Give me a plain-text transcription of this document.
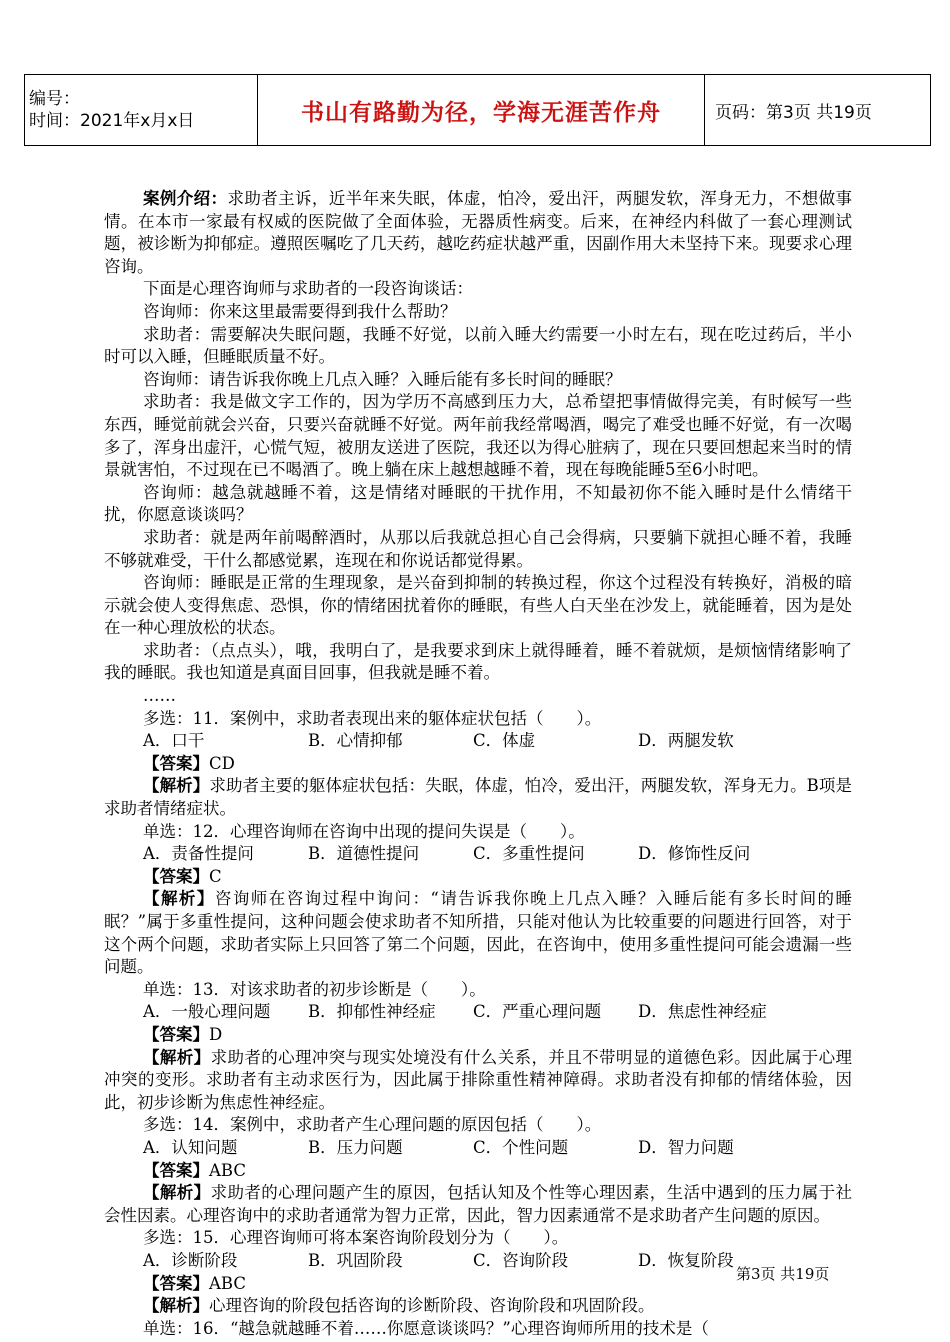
编号：
时间：2021年x月x日	书山有路勤为径，学海无涯苦作舟	页码：第3页 共19页

案例介绍：求助者主诉，近半年来失眠，体虚，怕冷，爱出汗，两腿发软，浑身无力，不想做事情。在本市一家最有权威的医院做了全面体验，无器质性病变。后来，在神经内科做了一套心理测试题，被诊断为抑郁症。遵照医嘱吃了几天药，越吃药症状越严重，因副作用大未坚持下来。现要求心理咨询。

下面是心理咨询师与求助者的一段咨询谈话：

咨询师：你来这里最需要得到我什么帮助？

求助者：需要解决失眠问题，我睡不好觉，以前入睡大约需要一小时左右，现在吃过药后，半小时可以入睡，但睡眠质量不好。

咨询师：请告诉我你晚上几点入睡？入睡后能有多长时间的睡眠？

求助者：我是做文字工作的，因为学历不高感到压力大，总希望把事情做得完美，有时候写一些东西，睡觉前就会兴奋，只要兴奋就睡不好觉。两年前我经常喝酒，喝完了难受也睡不好觉，有一次喝多了，浑身出虚汗，心慌气短，被朋友送进了医院，我还以为得心脏病了，现在只要回想起来当时的情景就害怕，不过现在已不喝酒了。晚上躺在床上越想越睡不着，现在每晚能睡5至6小时吧。

咨询师：越急就越睡不着，这是情绪对睡眠的干扰作用，不知最初你不能入睡时是什么情绪干扰，你愿意谈谈吗？

求助者：就是两年前喝醉酒时，从那以后我就总担心自己会得病，只要躺下就担心睡不着，我睡不够就难受，干什么都感觉累，连现在和你说话都觉得累。

咨询师：睡眠是正常的生理现象，是兴奋到抑制的转换过程，你这个过程没有转换好，消极的暗示就会使人变得焦虑、恐惧，你的情绪困扰着你的睡眠，有些人白天坐在沙发上，就能睡着，因为是处在一种心理放松的状态。

求助者：（点点头），哦，我明白了，是我要求到床上就得睡着，睡不着就烦，是烦恼情绪影响了我的睡眠。我也知道是真面目回事，但我就是睡不着。

……

多选：11．案例中，求助者表现出来的躯体症状包括（　　）。

A．口干	B．心情抑郁	C．体虚	D．两腿发软

【答案】CD

【解析】求助者主要的躯体症状包括：失眠，体虚，怕冷，爱出汗，两腿发软，浑身无力。B项是求助者情绪症状。

单选：12．心理咨询师在咨询中出现的提问失误是（　　）。

A．责备性提问	B．道德性提问	C．多重性提问	D．修饰性反问

【答案】C

【解析】咨询师在咨询过程中询问：“请告诉我你晚上几点入睡？入睡后能有多长时间的睡眠？”属于多重性提问，这种问题会使求助者不知所措，只能对他认为比较重要的问题进行回答，对于这个两个问题，求助者实际上只回答了第二个问题，因此，在咨询中，使用多重性提问可能会遗漏一些问题。

单选：13．对该求助者的初步诊断是（　　）。

A．一般心理问题	B．抑郁性神经症	C．严重心理问题	D．焦虑性神经症

【答案】D

【解析】求助者的心理冲突与现实处境没有什么关系，并且不带明显的道德色彩。因此属于心理冲突的变形。求助者有主动求医行为，因此属于排除重性精神障碍。求助者没有抑郁的情绪体验，因此，初步诊断为焦虑性神经症。

多选：14．案例中，求助者产生心理问题的原因包括（　　）。

A．认知问题	B．压力问题	C．个性问题	D．智力问题

【答案】ABC

【解析】求助者的心理问题产生的原因，包括认知及个性等心理因素，生活中遇到的压力属于社会性因素。心理咨询中的求助者通常为智力正常，因此，智力因素通常不是求助者产生问题的原因。

多选：15．心理咨询师可将本案咨询阶段划分为（　　）。

A．诊断阶段	B．巩固阶段	C．咨询阶段	D．恢复阶段

【答案】ABC

【解析】心理咨询的阶段包括咨询的诊断阶段、咨询阶段和巩固阶段。

单选：16．“越急就越睡不着……你愿意谈谈吗？”心理咨询师所用的技术是（

第3页 共19页
